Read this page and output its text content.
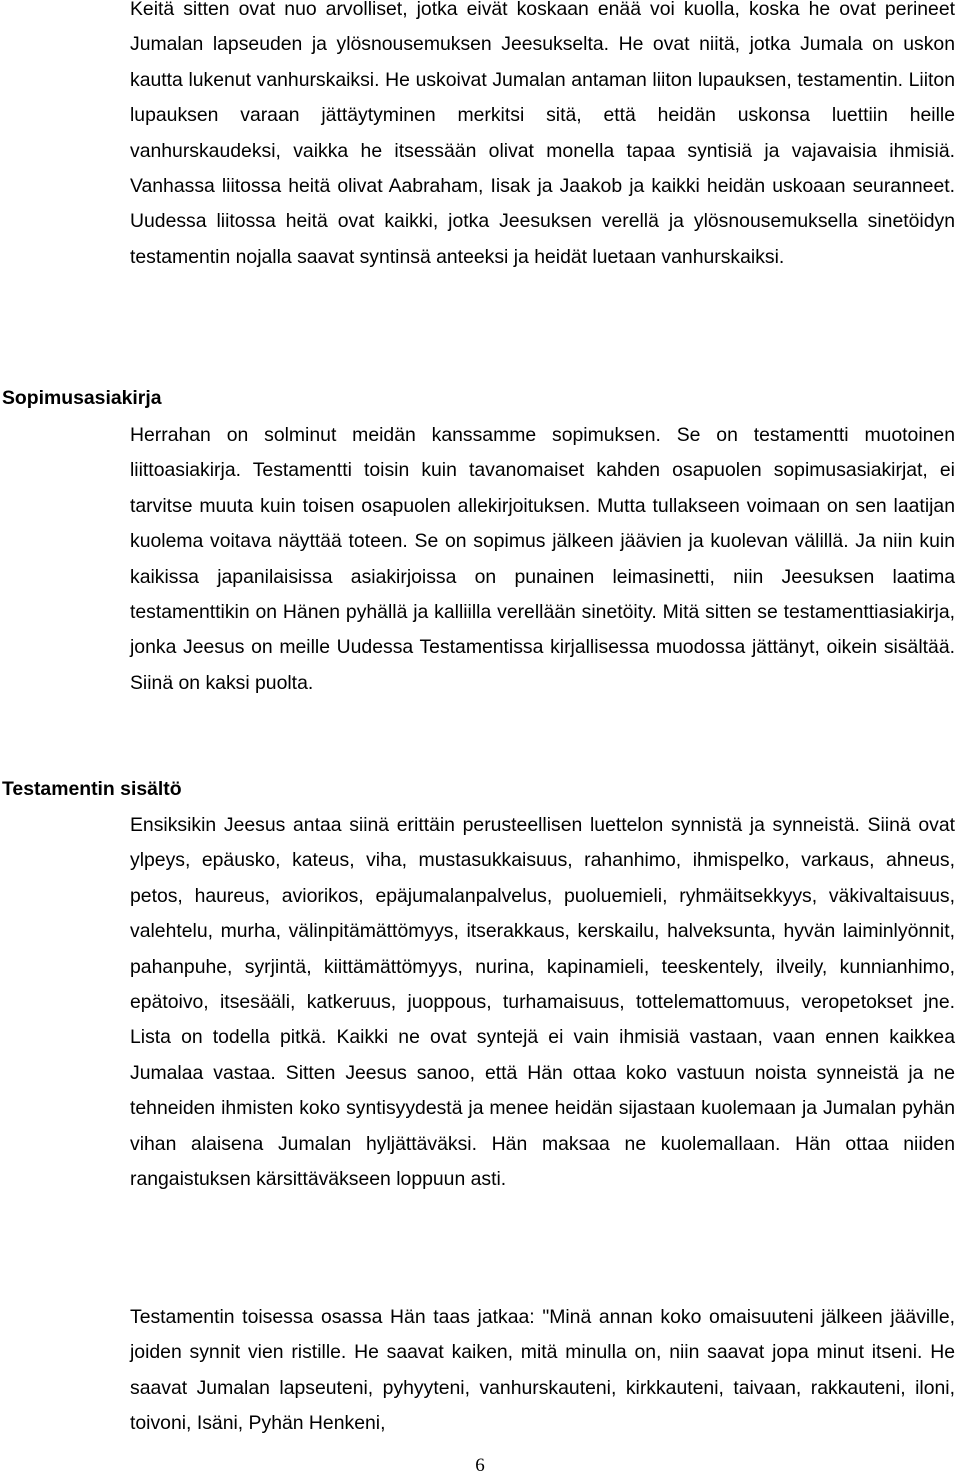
Keitä sitten ovat nuo arvolliset, jotka eivät koskaan enää voi kuolla, koska he ovat perineet Jumalan lapseuden ja ylösnousemuksen Jeesukselta. He ovat niitä, jotka Jumala on uskon kautta lukenut vanhurskaiksi. He uskoivat Jumalan antaman liiton lupauksen, testamentin. Liiton lupauksen varaan jättäytyminen merkitsi sitä, että heidän uskonsa luettiin heille vanhurskaudeksi, vaikka he itsessään olivat monella tapaa syntisiä ja vajavaisia ihmisiä. Vanhassa liitossa heitä olivat Aabraham, Iisak ja Jaakob ja kaikki heidän uskoaan seuranneet. Uudessa liitossa heitä ovat kaikki, jotka Jeesuksen verellä ja ylösnousemuksella sinetöidyn testamentin nojalla saavat syntinsä anteeksi ja heidät luetaan vanhurskaiksi.

Sopimusasiakirja

Herrahan on solminut meidän kanssamme sopimuksen. Se on testamentti muotoinen liittoasiakirja. Testamentti toisin kuin tavanomaiset kahden osapuolen sopimusasiakirjat, ei tarvitse muuta kuin toisen osapuolen allekirjoituksen. Mutta tullakseen voimaan on sen laatijan kuolema voitava näyttää toteen. Se on sopimus jälkeen jäävien ja kuolevan välillä. Ja niin kuin kaikissa japanilaisissa asiakirjoissa on punainen leimasinetti, niin Jeesuksen laatima testamenttikin on Hänen pyhällä ja kalliilla verellään sinetöity. Mitä sitten se testamenttiasiakirja, jonka Jeesus on meille Uudessa Testamentissa kirjallisessa muodossa jättänyt, oikein sisältää. Siinä on kaksi puolta.

Testamentin sisältö

Ensiksikin Jeesus antaa siinä erittäin perusteellisen luettelon synnistä ja synneistä. Siinä ovat ylpeys, epäusko, kateus, viha, mustasukkaisuus, rahanhimo, ihmispelko, varkaus, ahneus, petos, haureus, aviorikos, epäjumalanpalvelus, puoluemieli, ryhmäitsekkyys, väkivaltaisuus, valehtelu, murha, välinpitämättömyys, itserakkaus, kerskailu, halveksunta, hyvän laiminlyönnit, pahanpuhe, syrjintä, kiittämättömyys, nurina, kapinamieli, teeskentely, ilveily, kunnianhimo, epätoivo, itsesääli, katkeruus, juoppous, turhamaisuus, tottelemattomuus, veropetokset jne. Lista on todella pitkä. Kaikki ne ovat syntejä ei vain ihmisiä vastaan, vaan ennen kaikkea Jumalaa vastaa. Sitten Jeesus sanoo, että Hän ottaa koko vastuun noista synneistä ja ne tehneiden ihmisten koko syntisyydestä ja menee heidän sijastaan kuolemaan ja Jumalan pyhän vihan alaisena Jumalan hyljättäväksi. Hän maksaa ne kuolemallaan. Hän ottaa niiden rangaistuksen kärsittäväkseen loppuun asti.

Testamentin toisessa osassa Hän taas jatkaa: "Minä annan koko omaisuuteni jälkeen jääville, joiden synnit vien ristille. He saavat kaiken, mitä minulla on, niin saavat jopa minut itseni. He saavat Jumalan lapseuteni, pyhyyteni, vanhurskauteni, kirkkauteni, taivaan, rakkauteni, iloni, toivoni, Isäni, Pyhän Henkeni,

6
